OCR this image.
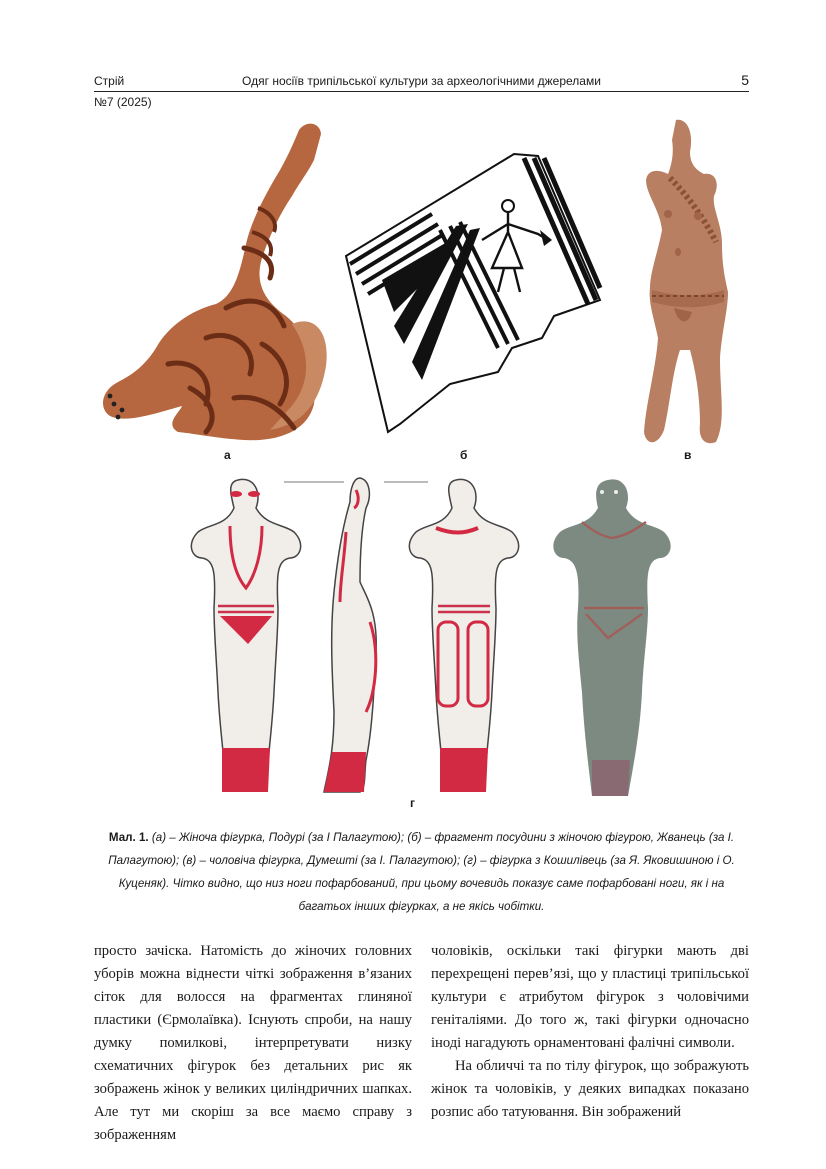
Стрій	Одяг носіїв трипільської культури за археологічними джерелами	5
№7 (2025)
а	б	в
г
Мал. 1. (а) – Жіноча фігурка, Подурі (за І Палагутою); (б) – фрагмент посудини з жіночою фігурою, Жванець (за І. Палагутою); (в) – чоловіча фігурка, Думешті (за І. Палагутою); (г) – фігурка з Кошилівець (за Я. Яковишиною і О. Куценяк). Чітко видно, що низ ноги пофарбований, при цьому вочевидь показує саме пофарбовані ноги, як і на багатьох інших фігурках, а не якісь чобітки.

просто зачіска. Натомість до жіночих головних уборів можна віднести чіткі зображення в’язаних сіток для волосся на фрагментах глиняної пластики (Єрмолаївка). Існують спроби, на нашу думку помилкові, інтерпретувати низку схематичних фігурок без детальних рис як зображень жінок у великих циліндричних шапках. Але тут ми скоріш за все маємо справу з зображенням

чоловіків, оскільки такі фігурки мають дві перехрещені перев’язі, що у пластиці трипільської культури є атрибутом фігурок з чоловічими геніталіями. До того ж, такі фігурки одночасно іноді нагадують орнаментовані фалічні символи.

На обличчі та по тілу фігурок, що зображують жінок та чоловіків, у деяких випадках показано розпис або татуювання. Він зображений
